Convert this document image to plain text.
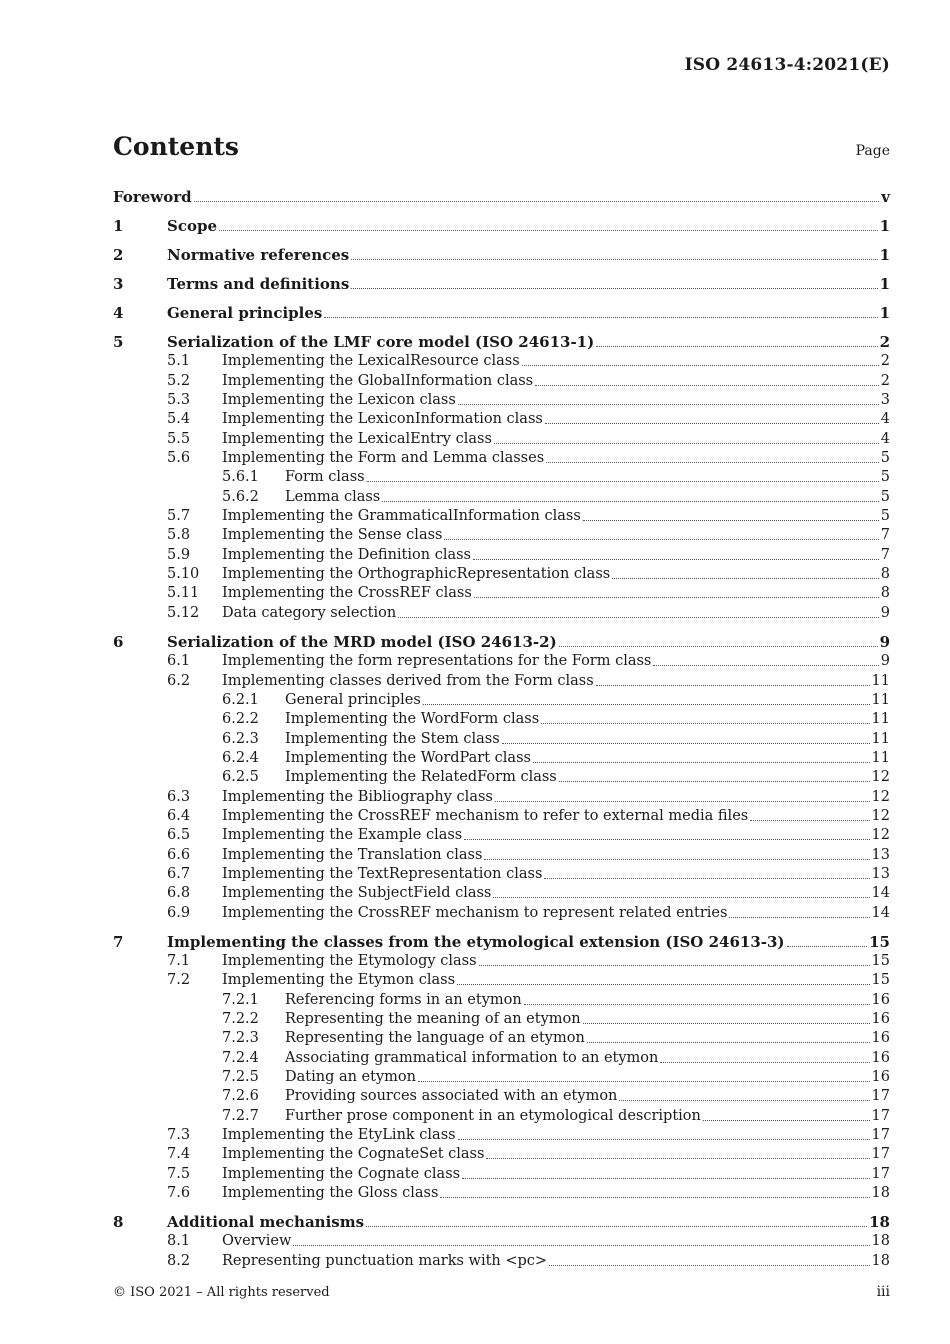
ISO 24613-4:2021(E)
Contents	Page
Foreword	v
1	Scope	1
2	Normative references	1
3	Terms and definitions	1
4	General principles	1
5	Serialization of the LMF core model (ISO 24613-1)	2
5.1 Implementing the LexicalResource class	2
5.2 Implementing the GlobalInformation class	2
5.3 Implementing the Lexicon class	3
5.4 Implementing the LexiconInformation class	4
5.5 Implementing the LexicalEntry class	4
5.6 Implementing the Form and Lemma classes	5
5.6.1 Form class	5
5.6.2 Lemma class	5
5.7 Implementing the GrammaticalInformation class	5
5.8 Implementing the Sense class	7
5.9 Implementing the Definition class	7
5.10 Implementing the OrthographicRepresentation class	8
5.11 Implementing the CrossREF class	8
5.12 Data category selection	9
6	Serialization of the MRD model (ISO 24613-2)	9
6.1 Implementing the form representations for the Form class	9
6.2 Implementing classes derived from the Form class	11
6.2.1 General principles	11
6.2.2 Implementing the WordForm class	11
6.2.3 Implementing the Stem class	11
6.2.4 Implementing the WordPart class	11
6.2.5 Implementing the RelatedForm class	12
6.3 Implementing the Bibliography class	12
6.4 Implementing the CrossREF mechanism to refer to external media files	12
6.5 Implementing the Example class	12
6.6 Implementing the Translation class	13
6.7 Implementing the TextRepresentation class	13
6.8 Implementing the SubjectField class	14
6.9 Implementing the CrossREF mechanism to represent related entries	14
7	Implementing the classes from the etymological extension (ISO 24613-3)	15
7.1 Implementing the Etymology class	15
7.2 Implementing the Etymon class	15
7.2.1 Referencing forms in an etymon	16
7.2.2 Representing the meaning of an etymon	16
7.2.3 Representing the language of an etymon	16
7.2.4 Associating grammatical information to an etymon	16
7.2.5 Dating an etymon	16
7.2.6 Providing sources associated with an etymon	17
7.2.7 Further prose component in an etymological description	17
7.3 Implementing the EtyLink class	17
7.4 Implementing the CognateSet class	17
7.5 Implementing the Cognate class	17
7.6 Implementing the Gloss class	18
8	Additional mechanisms	18
8.1 Overview	18
8.2 Representing punctuation marks with <pc>	18
© ISO 2021 – All rights reserved	iii
